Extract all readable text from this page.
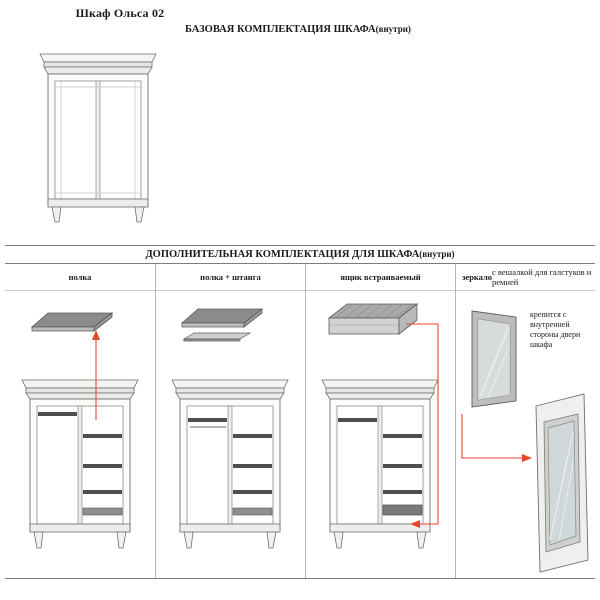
Шкаф Ольса 02
БАЗОВАЯ КОМПЛЕКТАЦИЯ ШКАФА(внутри)
ДОПОЛНИТЕЛЬНАЯ КОМПЛЕКТАЦИЯ ДЛЯ ШКАФА(внутри)
полка	полка + штанга	ящик встраиваемый	зеркало с вешалкой для галстуков и ремней
крепится с внутренней стороны двери шкафа
